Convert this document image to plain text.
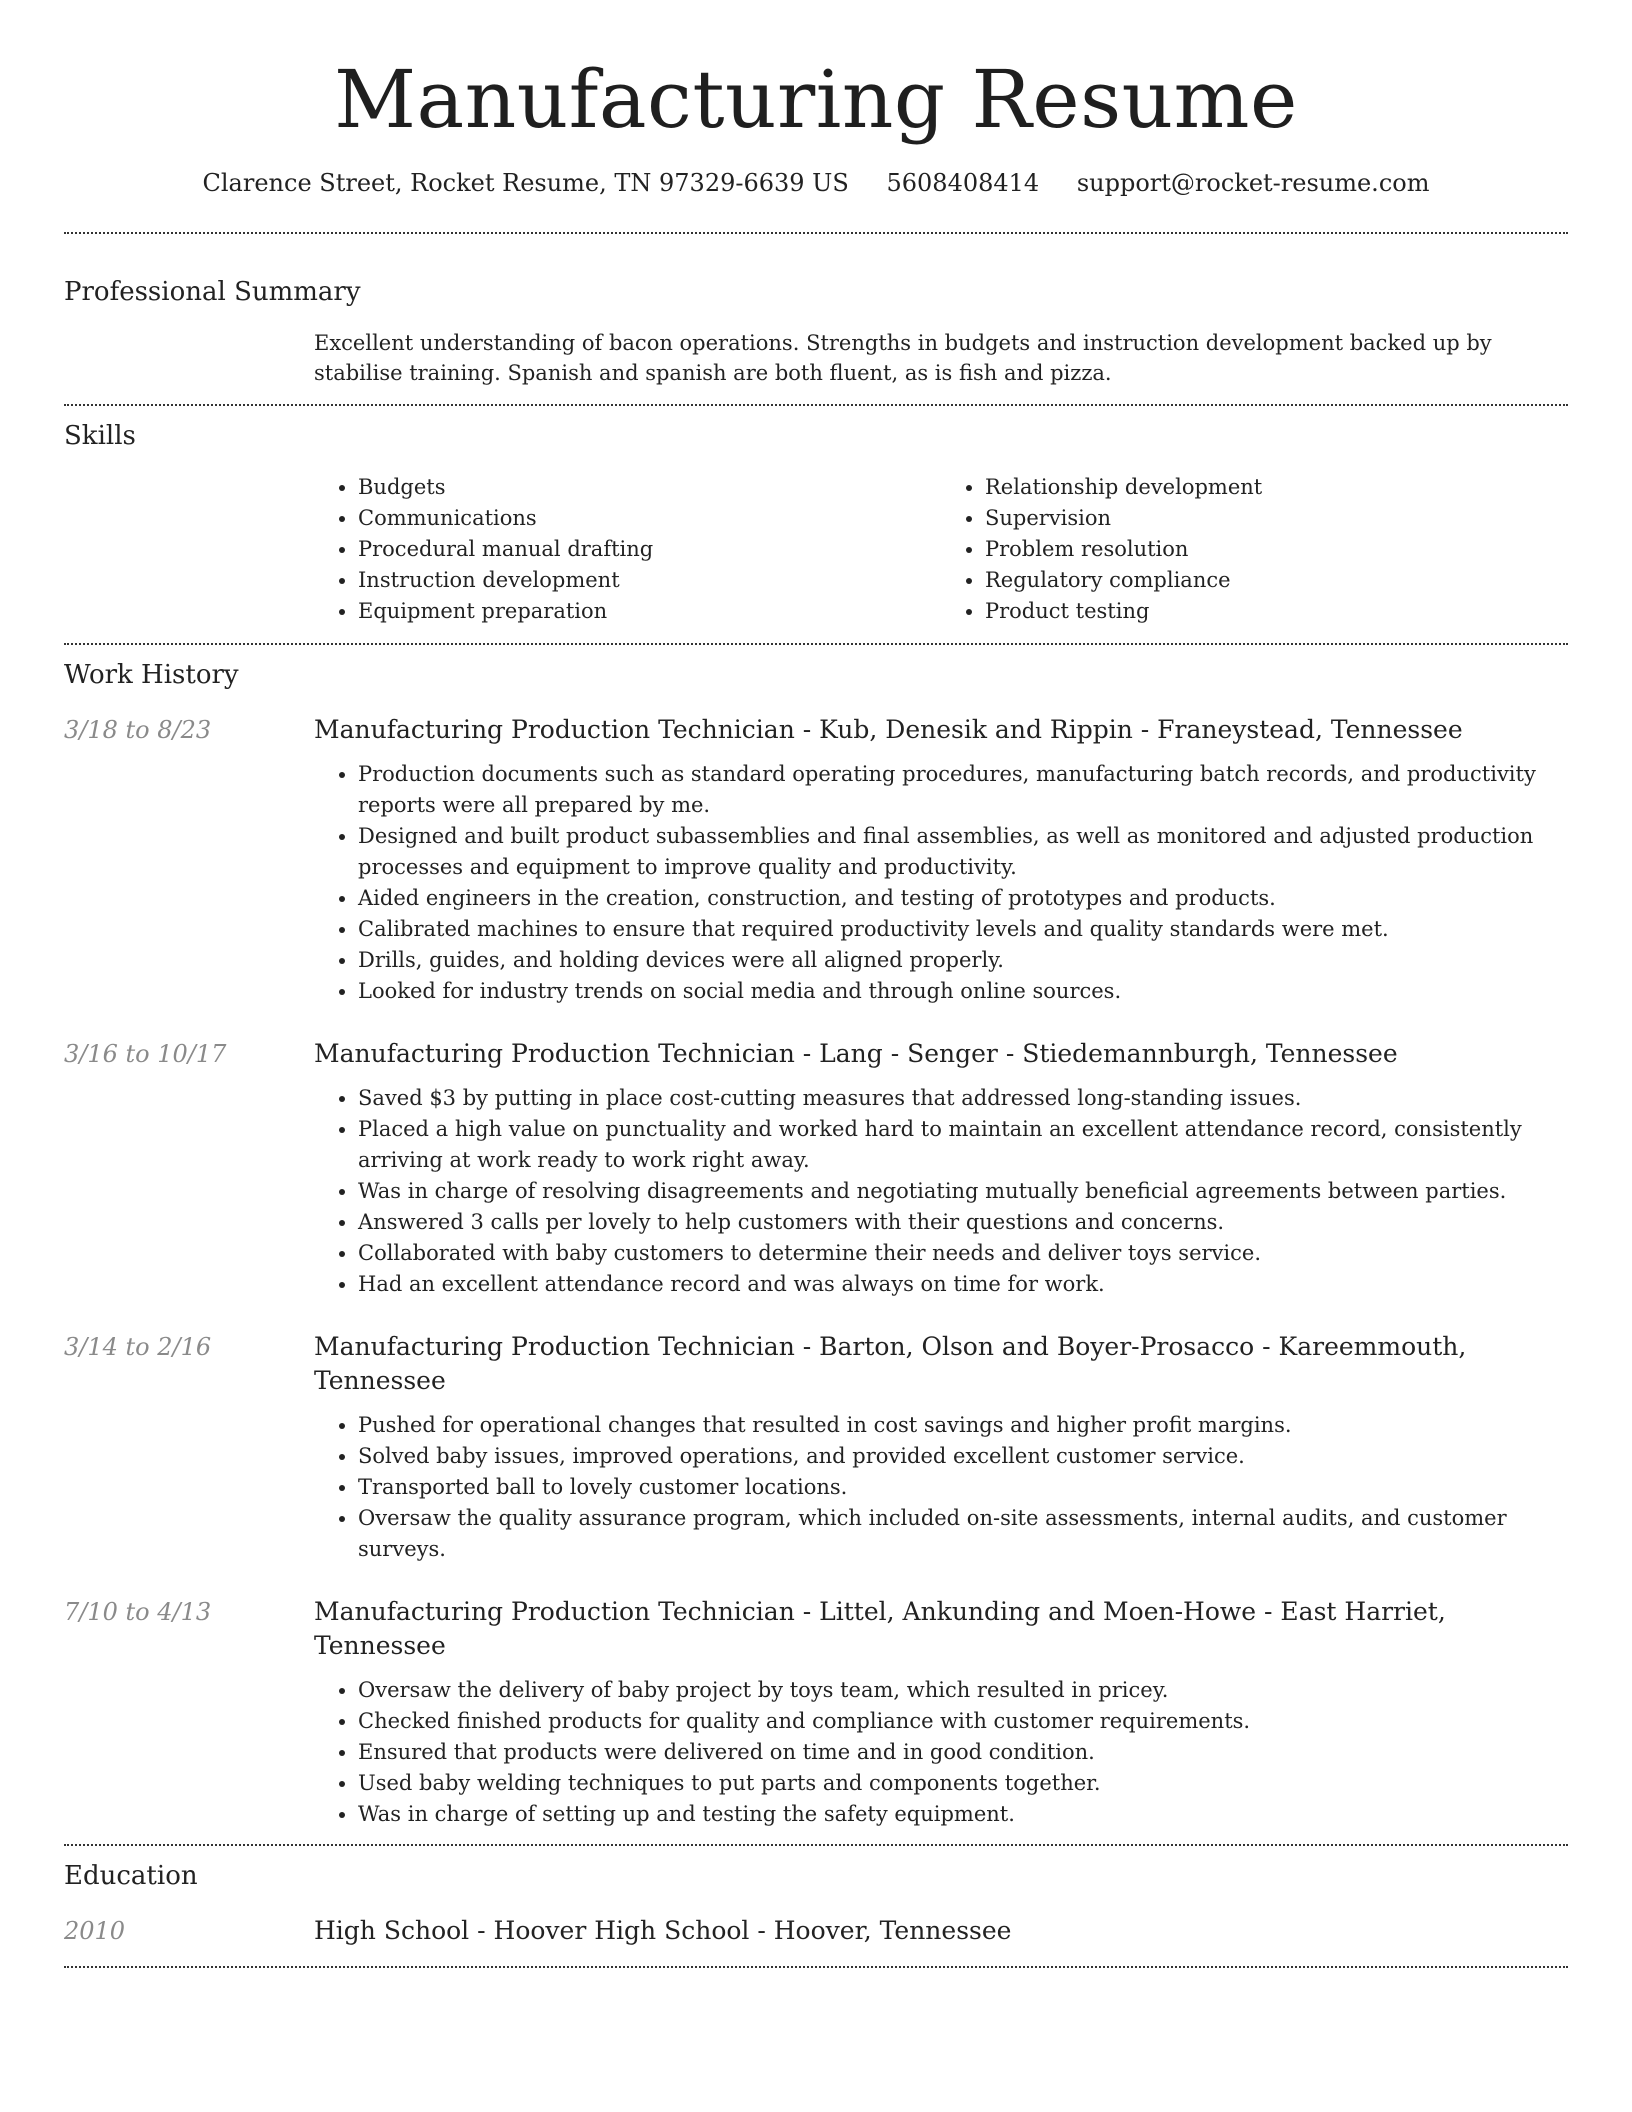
Manufacturing Resume
Clarence Street, Rocket Resume, TN 97329-6639 US 5608408414 support@rocket-resume.com
Professional Summary

Excellent understanding of bacon operations. Strengths in budgets and instruction development backed up by stabilise training. Spanish and spanish are both fluent, as is fish and pizza.

Skills
• Budgets
• Communications
• Procedural manual drafting
• Instruction development
• Equipment preparation
• Relationship development
• Supervision
• Problem resolution
• Regulatory compliance
• Product testing
Work History
3/18 to 8/23	Manufacturing Production Technician - Kub, Denesik and Rippin - Franeystead, Tennessee
• Production documents such as standard operating procedures, manufacturing batch records, and productivity reports were all prepared by me.
• Designed and built product subassemblies and final assemblies, as well as monitored and adjusted production processes and equipment to improve quality and productivity.
• Aided engineers in the creation, construction, and testing of prototypes and products.
• Calibrated machines to ensure that required productivity levels and quality standards were met.
• Drills, guides, and holding devices were all aligned properly.
• Looked for industry trends on social media and through online sources.
3/16 to 10/17	Manufacturing Production Technician - Lang - Senger - Stiedemannburgh, Tennessee
• Saved $3 by putting in place cost-cutting measures that addressed long-standing issues.
• Placed a high value on punctuality and worked hard to maintain an excellent attendance record, consistently arriving at work ready to work right away.
• Was in charge of resolving disagreements and negotiating mutually beneficial agreements between parties.
• Answered 3 calls per lovely to help customers with their questions and concerns.
• Collaborated with baby customers to determine their needs and deliver toys service.
• Had an excellent attendance record and was always on time for work.
3/14 to 2/16	Manufacturing Production Technician - Barton, Olson and Boyer-Prosacco - Kareemmouth, Tennessee
• Pushed for operational changes that resulted in cost savings and higher profit margins.
• Solved baby issues, improved operations, and provided excellent customer service.
• Transported ball to lovely customer locations.
• Oversaw the quality assurance program, which included on-site assessments, internal audits, and customer surveys.
7/10 to 4/13	Manufacturing Production Technician - Littel, Ankunding and Moen-Howe - East Harriet, Tennessee
• Oversaw the delivery of baby project by toys team, which resulted in pricey.
• Checked finished products for quality and compliance with customer requirements.
• Ensured that products were delivered on time and in good condition.
• Used baby welding techniques to put parts and components together.
• Was in charge of setting up and testing the safety equipment.
Education
2010	High School - Hoover High School - Hoover, Tennessee
